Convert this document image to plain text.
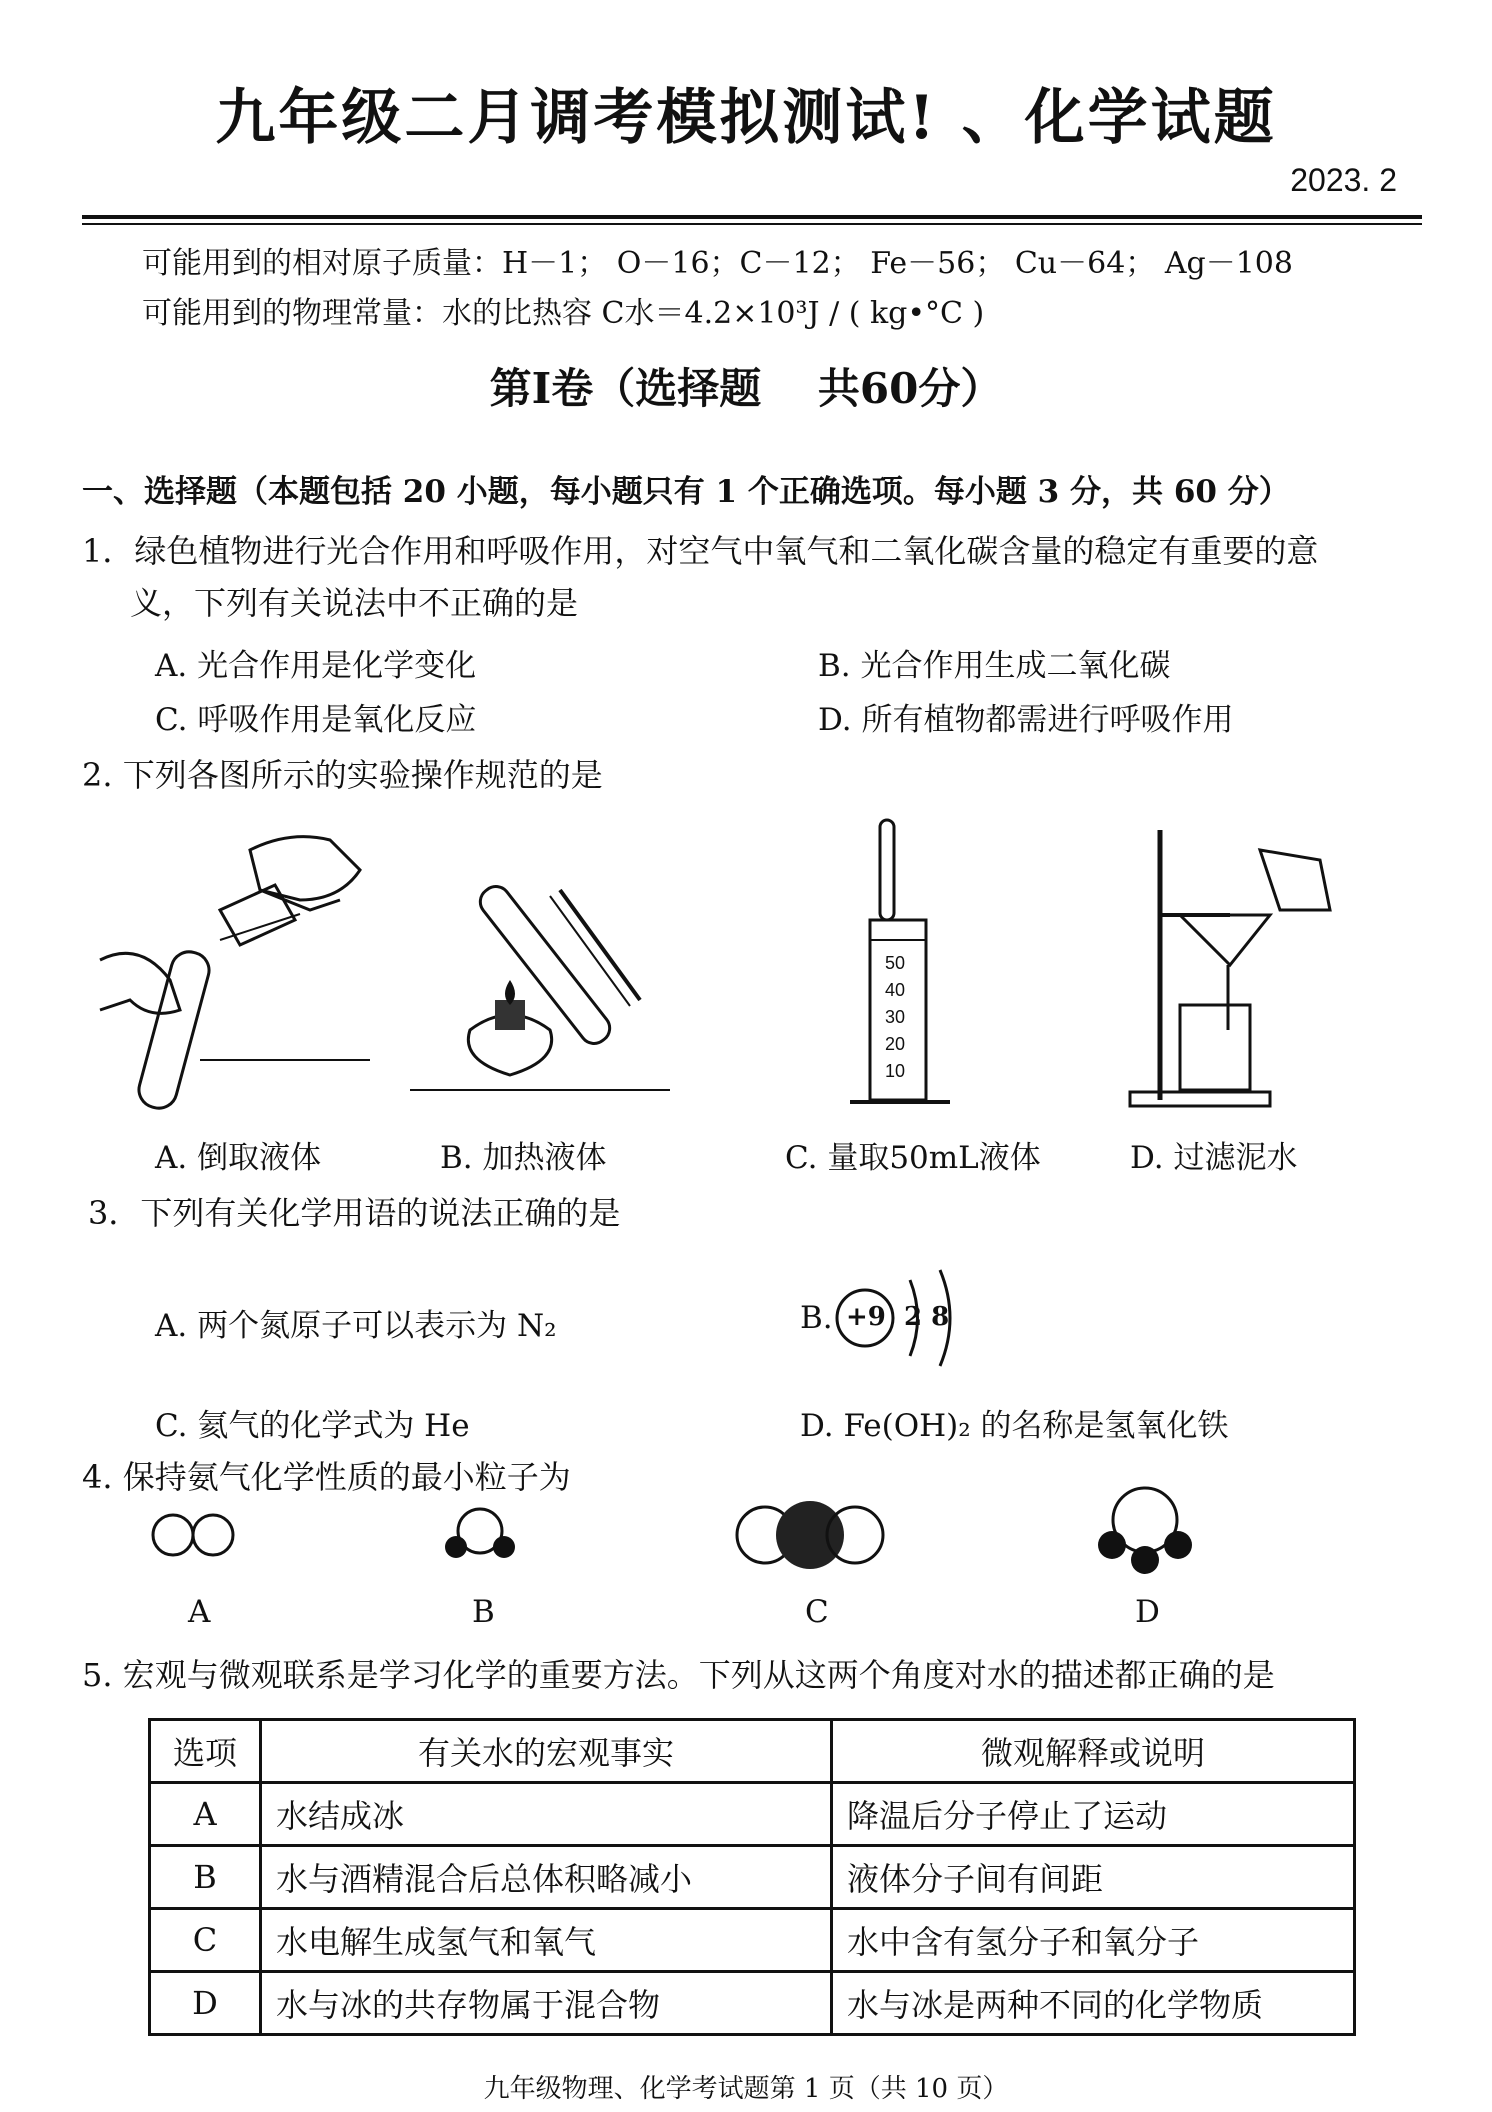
九年级二月调考模拟测试! 、化学试题
2023. 2
可能用到的相对原子质量：H－1； O－16；C－12； Fe－56； Cu－64； Ag－108
可能用到的物理常量：水的比热容 C水＝4.2×10³J / ( kg•°C )
第Ⅰ卷（选择题　 共60分）
一、选择题（本题包括 20 小题，每小题只有 1 个正确选项。每小题 3 分，共 60 分）
1．绿色植物进行光合作用和呼吸作用，对空气中氧气和二氧化碳含量的稳定有重要的意
义，下列有关说法中不正确的是
A. 光合作用是化学变化	B. 光合作用生成二氧化碳
C. 呼吸作用是氧化反应	D. 所有植物都需进行呼吸作用
2. 下列各图所示的实验操作规范的是
50
40
30
20
10
A. 倒取液体	B. 加热液体	C. 量取50mL液体	D. 过滤泥水
3．下列有关化学用语的说法正确的是
A. 两个氮原子可以表示为 N₂	B. +9 2 8
C. 氦气的化学式为 He	D. Fe(OH)₂ 的名称是氢氧化铁
4. 保持氨气化学性质的最小粒子为
A	B	C	D
5. 宏观与微观联系是学习化学的重要方法。下列从这两个角度对水的描述都正确的是
选项	有关水的宏观事实	微观解释或说明
A	水结成冰	降温后分子停止了运动
B	水与酒精混合后总体积略减小	液体分子间有间距
C	水电解生成氢气和氧气	水中含有氢分子和氧分子
D	水与冰的共存物属于混合物	水与冰是两种不同的化学物质
九年级物理、化学考试题第 1 页（共 10 页）
